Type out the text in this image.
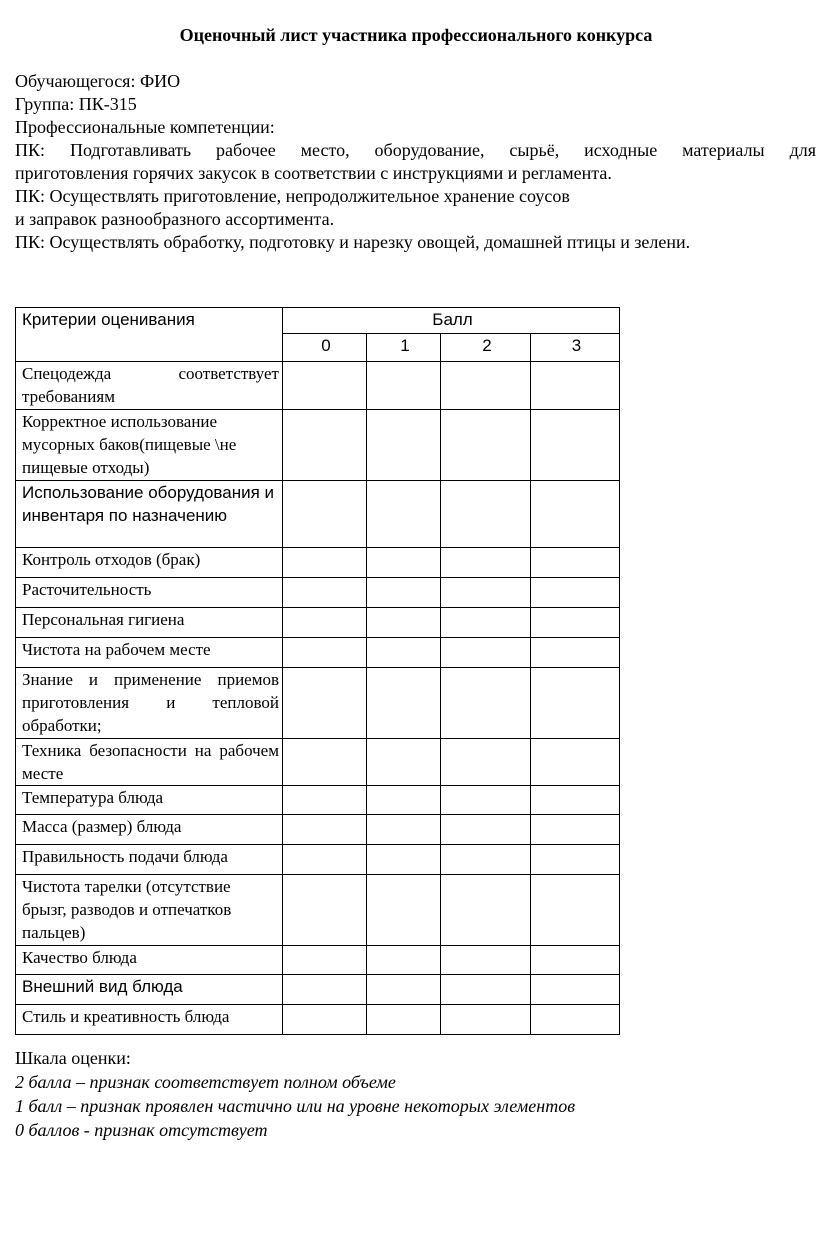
Оценочный лист участника профессионального конкурса

Обучающегося: ФИО

Группа: ПК-315

Профессиональные компетенции:

ПК: Подготавливать рабочее место, оборудование, сырьё, исходные материалы для

приготовления горячих закусок в соответствии с инструкциями и регламента.

ПК: Осуществлять приготовление, непродолжительное хранение соусов

и заправок разнообразного ассортимента.

ПК: Осуществлять обработку, подготовку и нарезку овощей, домашней птицы и зелени.

Критерии оценивания	Балл			
	0	1	2	3
Спецодежда соответствует требованиям				
Корректное использование мусорных баков(пищевые \не пищевые отходы)				
Использование оборудования и инвентаря по назначению				
Контроль отходов (брак)				
Расточительность				
Персональная гигиена				
Чистота на рабочем месте				
Знание и применение приемов приготовления и тепловой обработки;				
Техника безопасности на рабочем месте				
Температура блюда				
Масса (размер) блюда				
Правильность подачи блюда				
Чистота тарелки (отсутствие брызг, разводов и отпечатков пальцев)				
Качество блюда				
Внешний вид блюда				
Стиль и креативность блюда				

Шкала оценки:

2 балла – признак соответствует полном объеме

1 балл – признак проявлен частично или на уровне некоторых элементов

0 баллов - признак отсутствует
